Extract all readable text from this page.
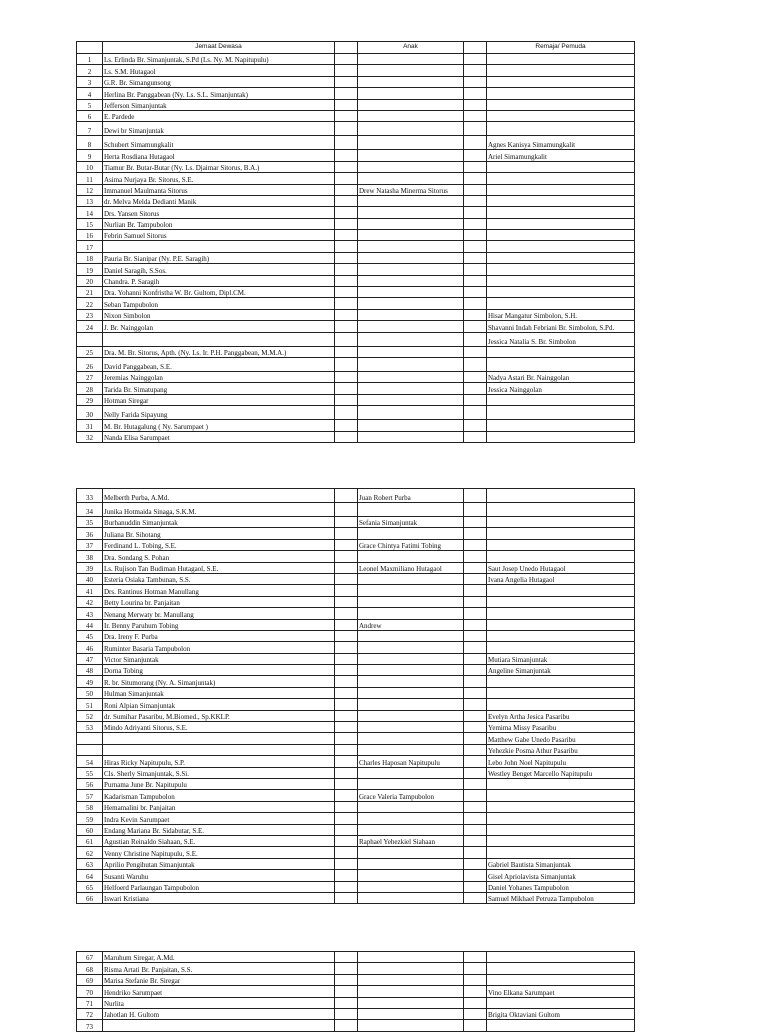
	Jemaat Dewasa		Anak		Remaja/ Pemuda
1	Ls. Erlinda Br. Simanjuntak, S.Pd (Ls. Ny. M. Napitupulu)				
2	Ls. S.M. Hutagaol				
3	G.R. Br. Simangunsong				
4	Herlina Br. Panggabean (Ny. Ls. S.L. Simanjuntak)				
5	Jefferson Simanjuntak				
6	E. Pardede				
7	Dewi br Simanjuntak				
8	Schubert Simamungkalit				Agnes Kanisya Simamungkalit
9	Herta Rosdiana Hutagaol				Ariel Simamungkalit
10	Tiamur Br. Butar-Butar (Ny. Ls. Djaimar Sitorus, B.A.)				
11	Asima Nurjaya Br. Sitorus, S.E.				
12	Immanuel Maulmanta Sitorus		Drew Natasha Minerma Sitorus		
13	dr. Melva Melda Dedianti Manik				
14	Drs. Yansen Sitorus				
15	Nurlian Br. Tampubolon				
16	Febrin Samuel Sitorus				
17					
18	Pauria Br. Sianipar (Ny. P.E. Saragih)				
19	Daniel Saragih, S.Sos.				
20	Chandra. P. Saragih				
21	Dra. Yohanni Konfristha W. Br. Gultom, Dipl.CM.				
22	Seban Tampubolon				
23	Nixon Simbolon				Hisar Mangatur Simbolon, S.H.
24	J. Br. Nainggolan				Shavanni Indah Febriani Br. Simbolon, S.Pd.
					Jessica Natalia S. Br. Simbolon
25	Dra. M. Br. Sitorus, Apth. (Ny. Ls. Ir. P.H. Panggabean, M.M.A.)				
26	David Panggabean, S.E.				
27	Jeremias Nainggolan				Nadya Astari Br. Nainggolan
28	Tarida Br. Simatupang				Jessica Nainggolan
29	Hotman Siregar				
30	Nelly Farida Sipayung				
31	M. Br. Hutagalung ( Ny. Sarumpaet )				
32	Nanda Elisa Sarumpaet				
33	Melberth Purba, A.Md.		Juan Robert Purba		
34	Junika Hotmaida Sinaga, S.K.M.				
35	Burhanuddin Simanjuntak		Sefania Simanjuntak		
36	Juliana Br. Sihotang				
37	Ferdinand L. Tobing, S.E.		Grace Chintya Fatimi Tobing		
38	Dra. Sondang S. Pohan				
39	Ls. Rujison Tan Budiman Hutagaol, S.E.		Leonel Maxmiliano Hutagaol		Saut Josep Unedo Hutagaol
40	Esteria Osiaka Tambunan, S.S.				Ivana Angelia Hutagaol
41	Drs. Rantinus Hotman Manullang				
42	Betty Lourina br. Panjaitan				
43	Nenang Merwaty br. Manullang				
44	Ir. Benny Paruhum Tobing		Andrew		
45	Dra. Ireny F. Purba				
46	Ruminter Basaria Tampubolon				
47	Victor Simanjuntak				Mutiara Simanjuntak
48	Dorna Tobing				Angeline Simanjuntak
49	R. br. Situmorang (Ny. A. Simanjuntak)				
50	Hulman Simanjuntak				
51	Roni Alpian Simanjuntak				
52	dr. Sumihar Pasaribu, M.Biomed., Sp.KKLP.				Evelyn Artha Jesica Pasaribu
53	Mindo Adriyanti Sitorus, S.E.				Yemima Missy Pasaribu
					Matthew Gabe Unedo Pasaribu
					Yehezkie Posma Athur Pasaribu
54	Hiras Ricky Napitupulu, S.P.		Charles Haposan Napitupulu		Lebo John Noel Napitupulu
55	Cls. Sherly Simanjuntak, S.Si.				Westley Benget Marcello Napitupulu
56	Purnama June Br. Napitupulu				
57	Kadarisman Tampubolon		Grace Valeria Tampubolon		
58	Hemamalini br. Panjaitan				
59	Indra Kevin Sarumpaet				
60	Endang Mariana Br. Sidabutar, S.E.				
61	Agustian Reinaldo Siahaan, S.E.		Raphael Yehezkiel Siahaan		
62	Venny Christine Napitupulu, S.E.				
63	Aprilio Pengihutan Simanjuntak				Gabriel Bautista Simanjuntak
64	Susanti Waruhu				Gisel Apriolavista Simanjuntak
65	Helfoerd Parlaungan Tampubolon				Daniel Yohanes Tampubolon
66	Iswari Kristiana				Samuel Mikhael Petruza Tampubolon
67	Maruhum Siregar, A.Md.				
68	Risma Artati Br. Panjaitan, S.S.				
69	Marisa Stefanie Br. Siregar				
70	Hendriko Sarumpaet				Vino Elkana Sarumpaet
71	Nurlita				
72	Jahotlan H. Gultom				Brigita Oktaviani Gultom
73					
